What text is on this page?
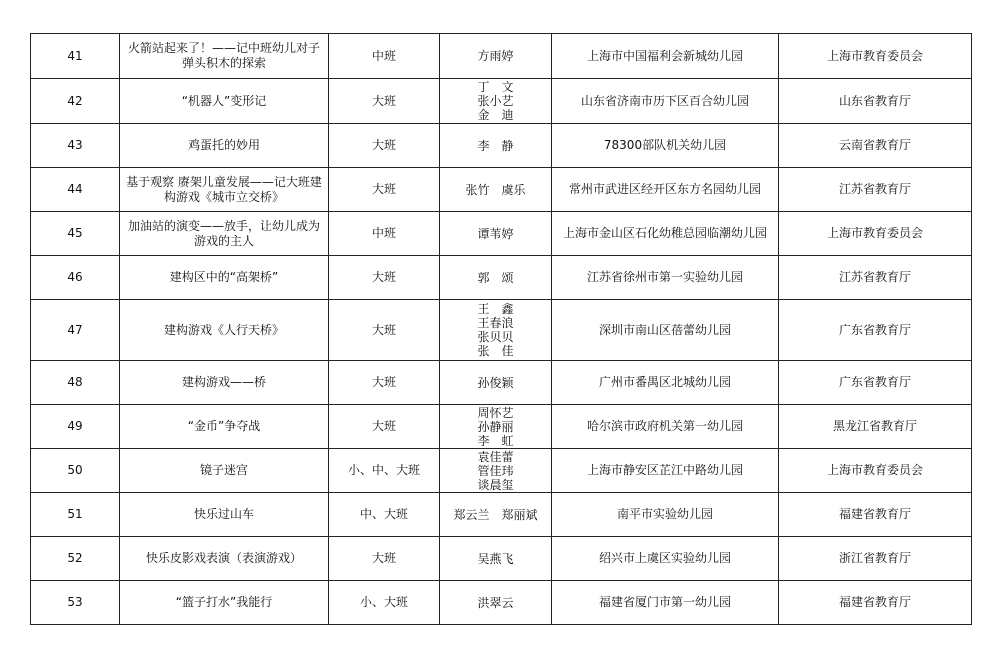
41	火箭站起来了！——记中班幼儿对子弹头积木的探索	中班	方雨婷	上海市中国福利会新城幼儿园	上海市教育委员会
42	“机器人”变形记	大班	丁　文
张小艺
金　迪	山东省济南市历下区百合幼儿园	山东省教育厅
43	鸡蛋托的妙用	大班	李　静	78300部队机关幼儿园	云南省教育厅
44	基于观察 赓架儿童发展——记大班建构游戏《城市立交桥》	大班	张竹　虞乐	常州市武进区经开区东方名园幼儿园	江苏省教育厅
45	加油站的演变——放手，让幼儿成为游戏的主人	中班	谭苇婷	上海市金山区石化幼稚总园临潮幼儿园	上海市教育委员会
46	建构区中的“高架桥”	大班	郭　颂	江苏省徐州市第一实验幼儿园	江苏省教育厅
47	建构游戏《人行天桥》	大班	王　鑫
王春浪
张贝贝
张　佳	深圳市南山区蓓蕾幼儿园	广东省教育厅
48	建构游戏——桥	大班	孙俊颖	广州市番禺区北城幼儿园	广东省教育厅
49	“金币”争夺战	大班	周怀艺
孙静丽
李　虹	哈尔滨市政府机关第一幼儿园	黑龙江省教育厅
50	镜子迷宫	小、中、大班	袁佳蕾
管佳玮
谈晨玺	上海市静安区芷江中路幼儿园	上海市教育委员会
51	快乐过山车	中、大班	郑云兰　郑丽斌	南平市实验幼儿园	福建省教育厅
52	快乐皮影戏表演（表演游戏）	大班	吴燕飞	绍兴市上虞区实验幼儿园	浙江省教育厅
53	“篮子打水”我能行	小、大班	洪翠云	福建省厦门市第一幼儿园	福建省教育厅
